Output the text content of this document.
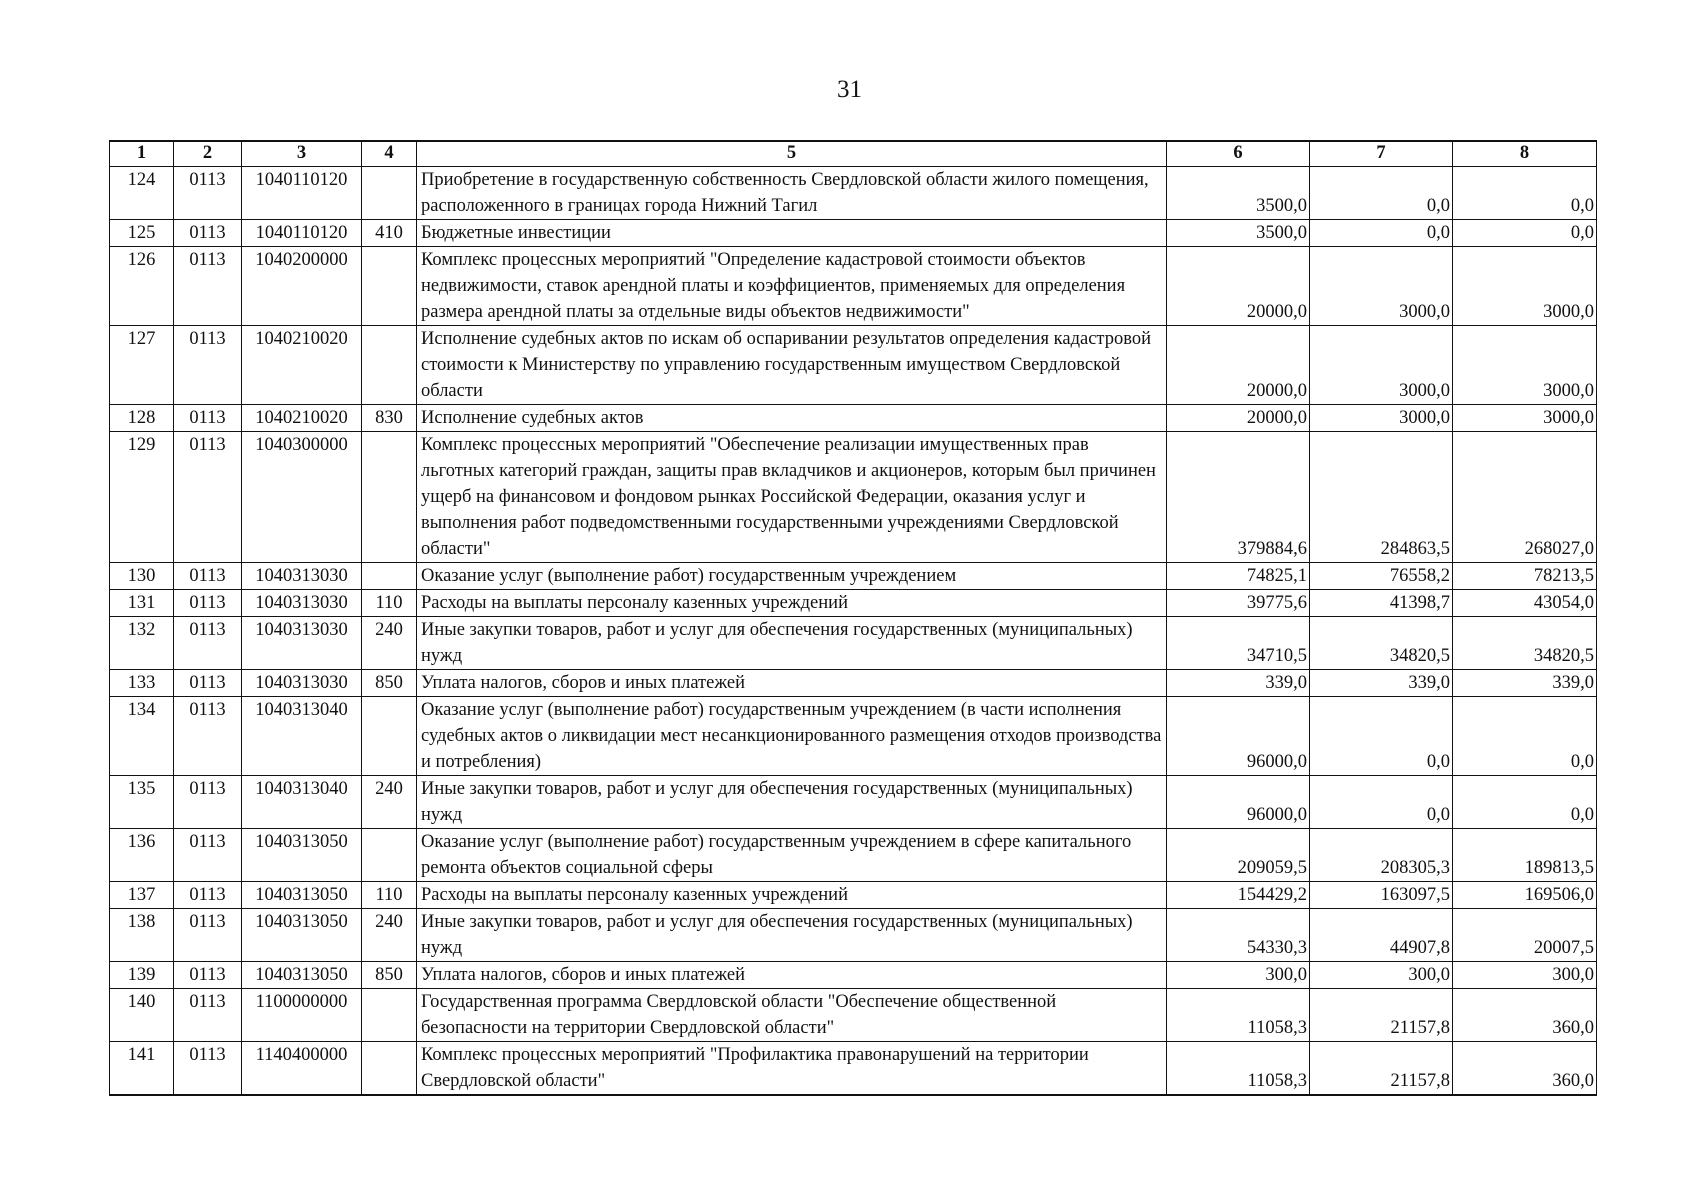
31
1	2	3	4	5	6	7	8
124	0113	1040110120		Приобретение в государственную собственность Свердловской области жилого помещения, расположенного в границах города Нижний Тагил	3500,0	0,0	0,0
125	0113	1040110120	410	Бюджетные инвестиции	3500,0	0,0	0,0
126	0113	1040200000		Комплекс процессных мероприятий "Определение кадастровой стоимости объектов недвижимости, ставок арендной платы и коэффициентов, применяемых для определения размера арендной платы за отдельные виды объектов недвижимости"	20000,0	3000,0	3000,0
127	0113	1040210020		Исполнение судебных актов по искам об оспаривании результатов определения кадастровой стоимости к Министерству по управлению государственным имуществом Свердловской области	20000,0	3000,0	3000,0
128	0113	1040210020	830	Исполнение судебных актов	20000,0	3000,0	3000,0
129	0113	1040300000		Комплекс процессных мероприятий "Обеспечение реализации имущественных прав льготных категорий граждан, защиты прав вкладчиков и акционеров, которым был причинен ущерб на финансовом и фондовом рынках Российской Федерации, оказания услуг и выполнения работ подведомственными государственными учреждениями Свердловской области"	379884,6	284863,5	268027,0
130	0113	1040313030		Оказание услуг (выполнение работ) государственным учреждением	74825,1	76558,2	78213,5
131	0113	1040313030	110	Расходы на выплаты персоналу казенных учреждений	39775,6	41398,7	43054,0
132	0113	1040313030	240	Иные закупки товаров, работ и услуг для обеспечения государственных (муниципальных) нужд	34710,5	34820,5	34820,5
133	0113	1040313030	850	Уплата налогов, сборов и иных платежей	339,0	339,0	339,0
134	0113	1040313040		Оказание услуг (выполнение работ) государственным учреждением (в части исполнения судебных актов о ликвидации мест несанкционированного размещения отходов производства и потребления)	96000,0	0,0	0,0
135	0113	1040313040	240	Иные закупки товаров, работ и услуг для обеспечения государственных (муниципальных) нужд	96000,0	0,0	0,0
136	0113	1040313050		Оказание услуг (выполнение работ) государственным учреждением в сфере капитального ремонта объектов социальной сферы	209059,5	208305,3	189813,5
137	0113	1040313050	110	Расходы на выплаты персоналу казенных учреждений	154429,2	163097,5	169506,0
138	0113	1040313050	240	Иные закупки товаров, работ и услуг для обеспечения государственных (муниципальных) нужд	54330,3	44907,8	20007,5
139	0113	1040313050	850	Уплата налогов, сборов и иных платежей	300,0	300,0	300,0
140	0113	1100000000		Государственная программа Свердловской области "Обеспечение общественной безопасности на территории Свердловской области"	11058,3	21157,8	360,0
141	0113	1140400000		Комплекс процессных мероприятий "Профилактика правонарушений на территории Свердловской области"	11058,3	21157,8	360,0
